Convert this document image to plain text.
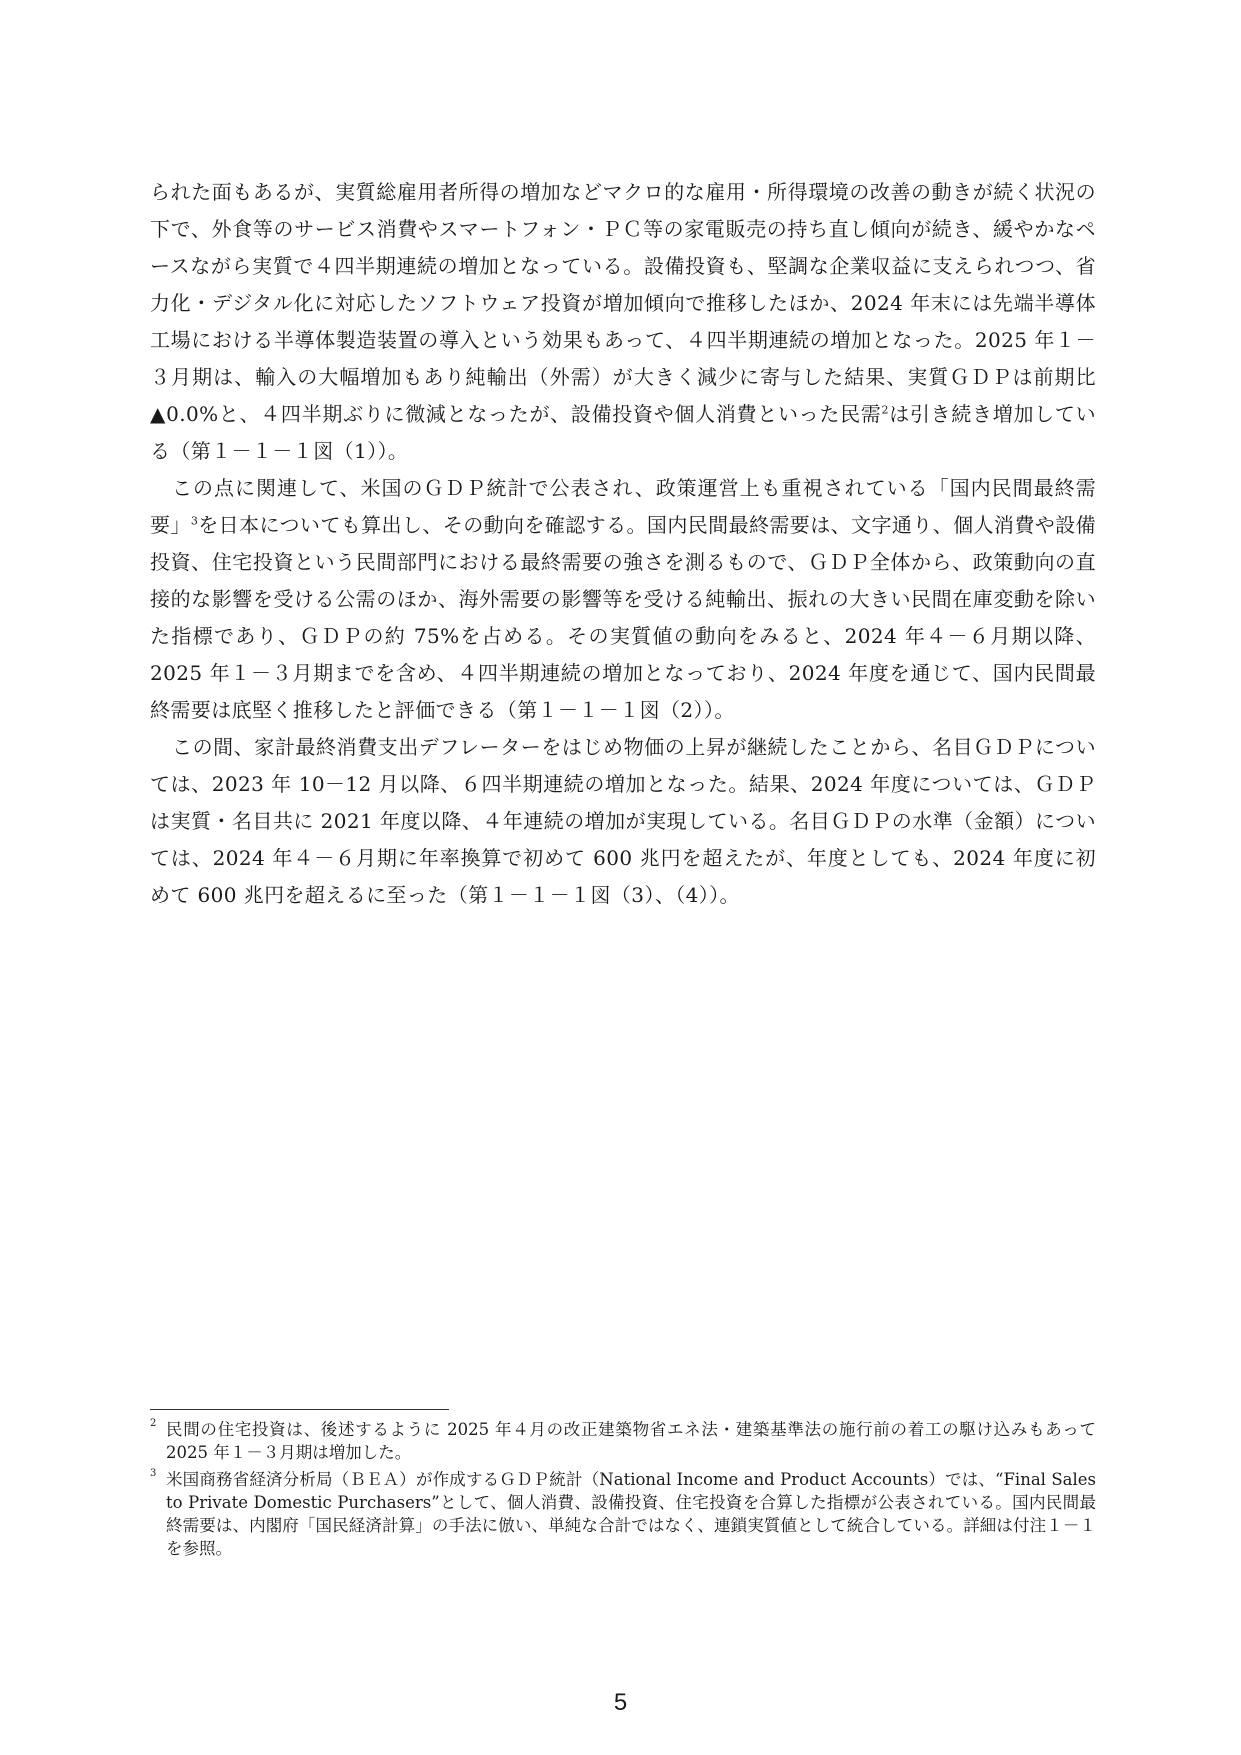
られた面もあるが、実質総雇用者所得の増加などマクロ的な雇用・所得環境の改善の動きが続く状況の下で、外食等のサービス消費やスマートフォン・ＰＣ等の家電販売の持ち直し傾向が続き、緩やかなペースながら実質で４四半期連続の増加となっている。設備投資も、堅調な企業収益に支えられつつ、省力化・デジタル化に対応したソフトウェア投資が増加傾向で推移したほか、2024 年末には先端半導体工場における半導体製造装置の導入という効果もあって、４四半期連続の増加となった。2025 年１－３月期は、輸入の大幅増加もあり純輸出（外需）が大きく減少に寄与した結果、実質ＧＤＰは前期比▲0.0%と、４四半期ぶりに微減となったが、設備投資や個人消費といった民需$^2$は引き続き増加している（第１－１－１図（1））。

この点に関連して、米国のＧＤＰ統計で公表され、政策運営上も重視されている「国内民間最終需要」$^3$を日本についても算出し、その動向を確認する。国内民間最終需要は、文字通り、個人消費や設備投資、住宅投資という民間部門における最終需要の強さを測るもので、ＧＤＰ全体から、政策動向の直接的な影響を受ける公需のほか、海外需要の影響等を受ける純輸出、振れの大きい民間在庫変動を除いた指標であり、ＧＤＰの約 75%を占める。その実質値の動向をみると、2024 年４－６月期以降、2025 年１－３月期までを含め、４四半期連続の増加となっており、2024 年度を通じて、国内民間最終需要は底堅く推移したと評価できる（第１－１－１図（2））。

この間、家計最終消費支出デフレーターをはじめ物価の上昇が継続したことから、名目ＧＤＰについては、2023 年 10－12 月以降、６四半期連続の増加となった。結果、2024 年度については、ＧＤＰは実質・名目共に 2021 年度以降、４年連続の増加が実現している。名目ＧＤＰの水準（金額）については、2024 年４－６月期に年率換算で初めて 600 兆円を超えたが、年度としても、2024 年度に初めて 600 兆円を超えるに至った（第１－１－１図（3）、（4））。

2 民間の住宅投資は、後述するように 2025 年４月の改正建築物省エネ法・建築基準法の施行前の着工の駆け込みもあって 2025 年１－３月期は増加した。
3 米国商務省経済分析局（ＢＥＡ）が作成するＧＤＰ統計（National Income and Product Accounts）では、“Final Sales to Private Domestic Purchasers”として、個人消費、設備投資、住宅投資を合算した指標が公表されている。国内民間最終需要は、内閣府「国民経済計算」の手法に倣い、単純な合計ではなく、連鎖実質値として統合している。詳細は付注１－１を参照。
5
